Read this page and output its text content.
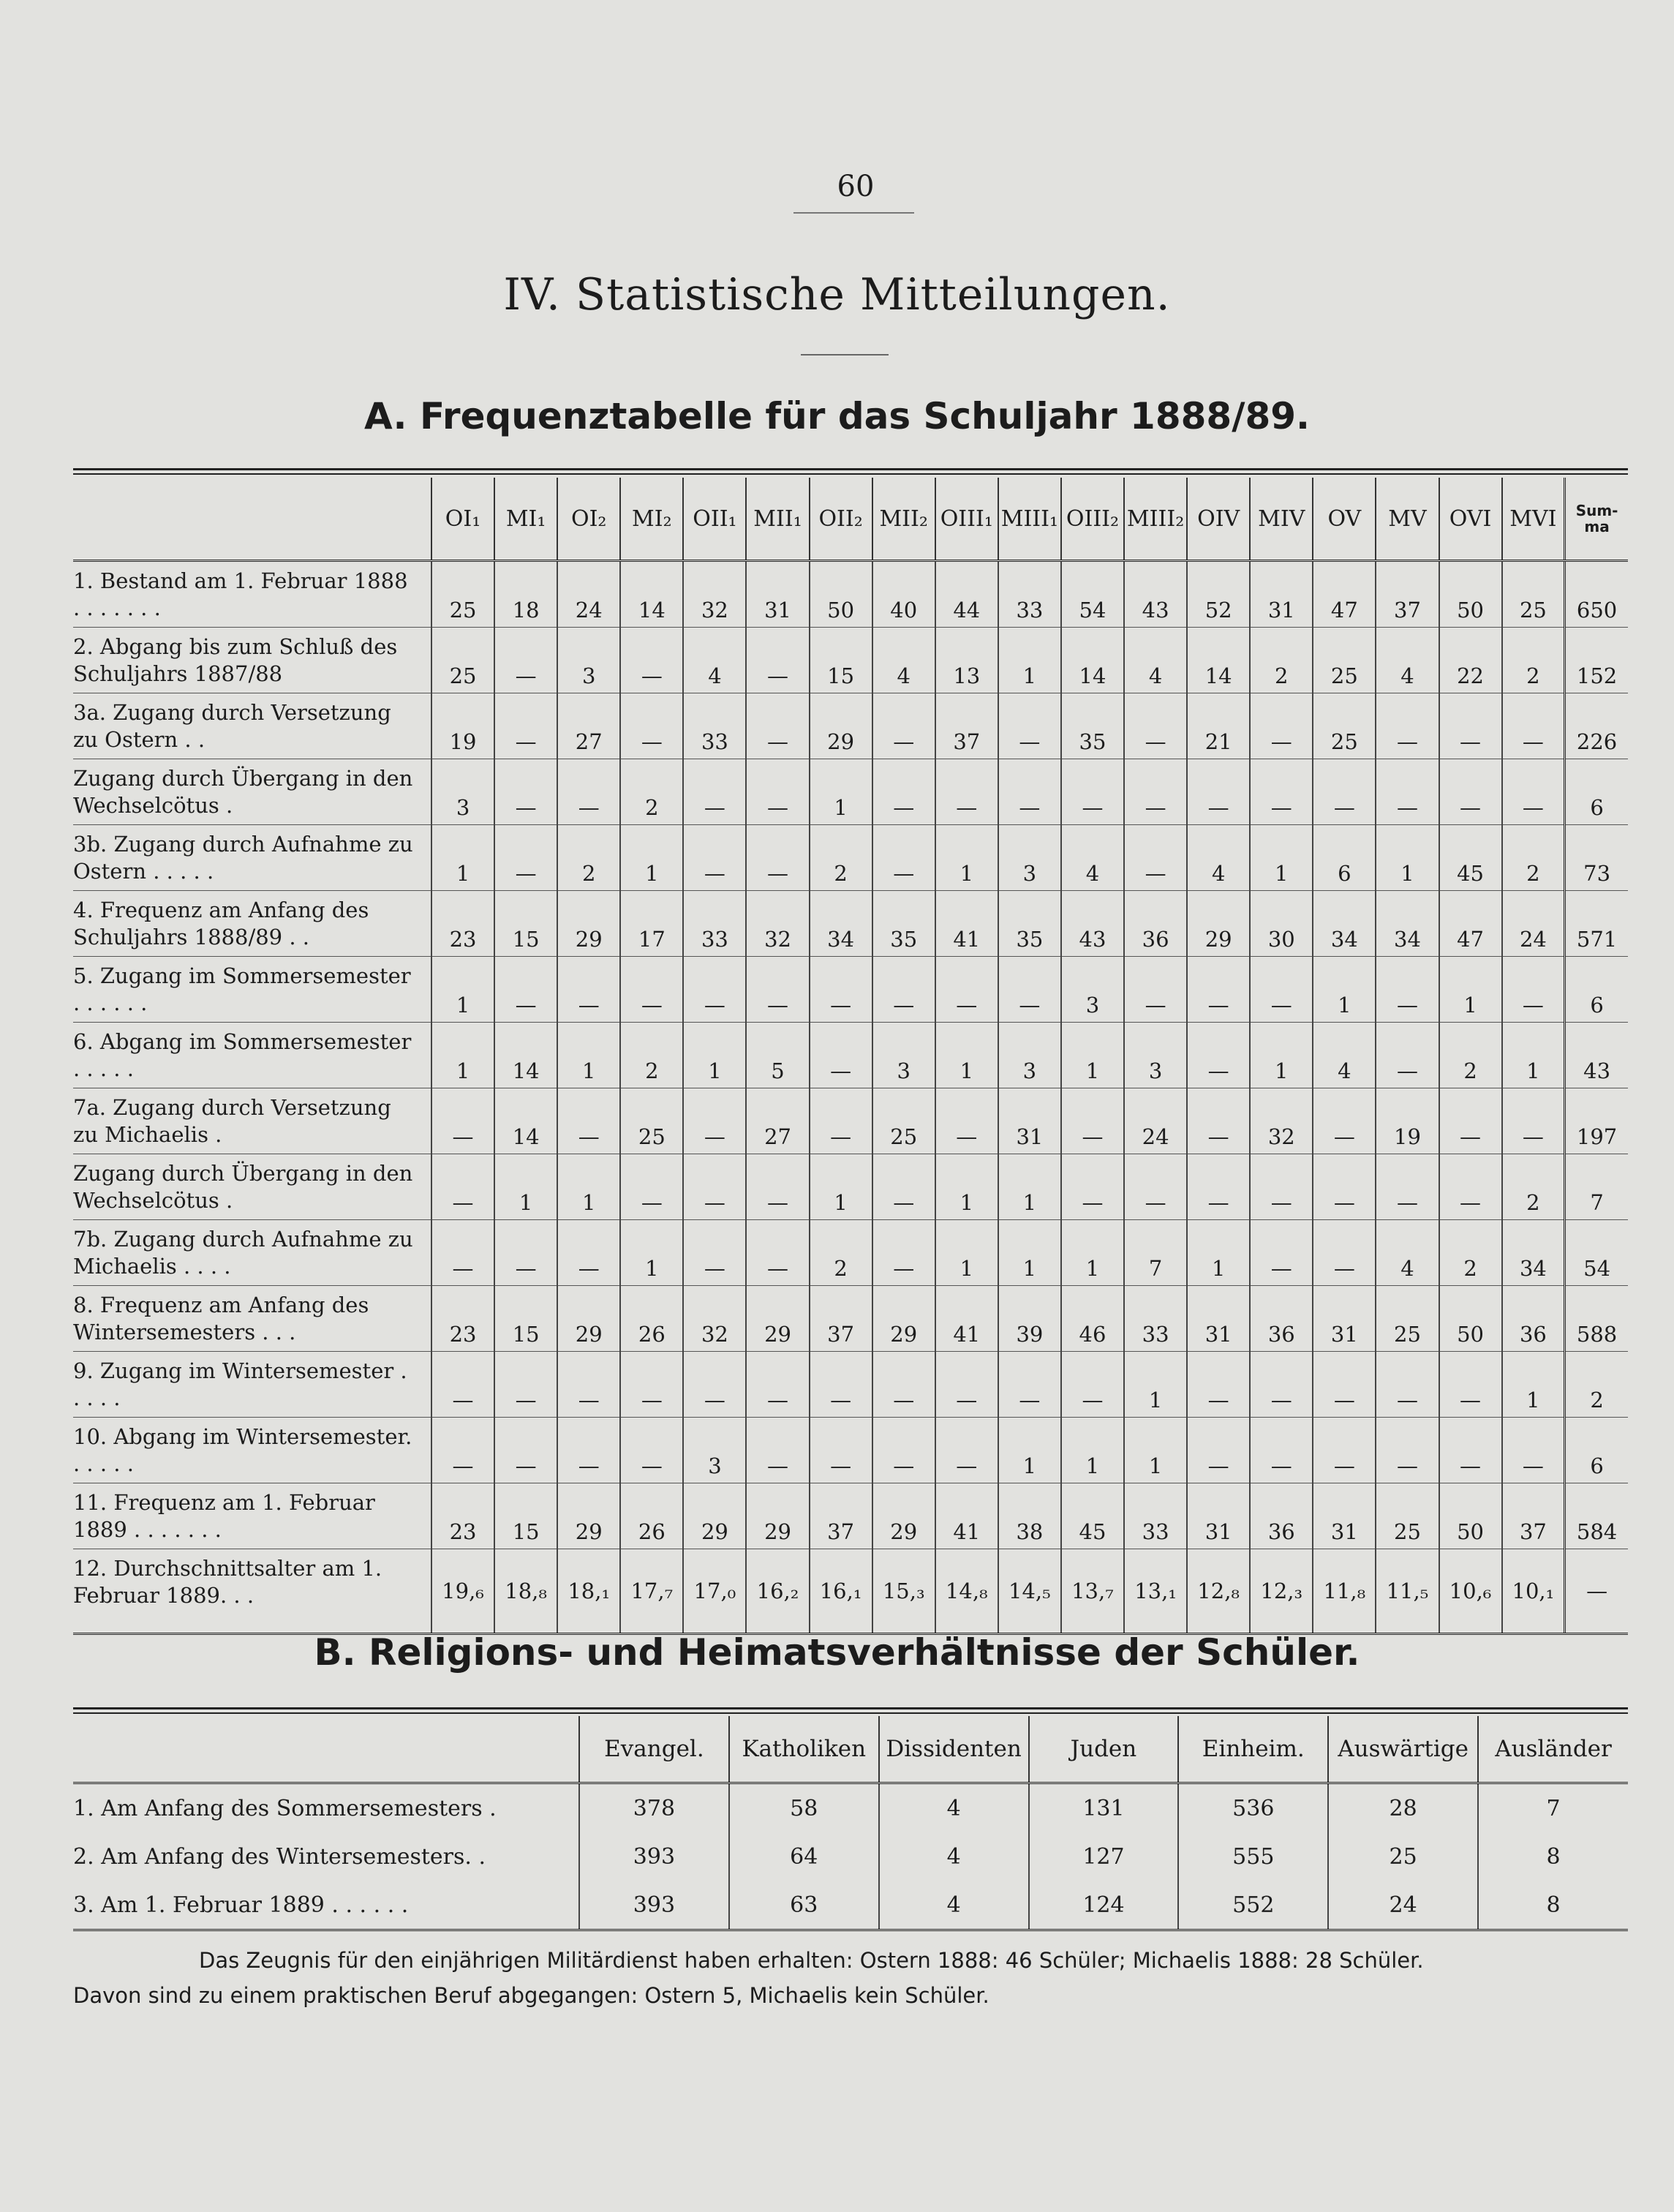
60
IV. Statistische Mitteilungen.
A. Frequenztabelle für das Schuljahr 1888/89.
	OI₁	MI₁	OI₂	MI₂	OII₁	MII₁	OII₂	MII₂	OIII₁	MIII₁	OIII₂	MIII₂	OIV	MIV	OV	MV	OVI	MVI	Sum-ma
1. Bestand am 1. Februar 1888 . . . . . . .	25	18	24	14	32	31	50	40	44	33	54	43	52	31	47	37	50	25	650
2. Abgang bis zum Schluß des Schuljahrs 1887/88	25	—	3	—	4	—	15	4	13	1	14	4	14	2	25	4	22	2	152
3a. Zugang durch Versetzung zu Ostern . .	19	—	27	—	33	—	29	—	37	—	35	—	21	—	25	—	—	—	226
Zugang durch Übergang in den Wechselcötus .	3	—	—	2	—	—	1	—	—	—	—	—	—	—	—	—	—	—	6
3b. Zugang durch Aufnahme zu Ostern . . . . .	1	—	2	1	—	—	2	—	1	3	4	—	4	1	6	1	45	2	73
4. Frequenz am Anfang des Schuljahrs 1888/89 . .	23	15	29	17	33	32	34	35	41	35	43	36	29	30	34	34	47	24	571
5. Zugang im Sommersemester . . . . . .	1	—	—	—	—	—	—	—	—	—	3	—	—	—	1	—	1	—	6
6. Abgang im Sommersemester . . . . .	1	14	1	2	1	5	—	3	1	3	1	3	—	1	4	—	2	1	43
7a. Zugang durch Versetzung zu Michaelis .	—	14	—	25	—	27	—	25	—	31	—	24	—	32	—	19	—	—	197
Zugang durch Übergang in den Wechselcötus .	—	1	1	—	—	—	1	—	1	1	—	—	—	—	—	—	—	2	7
7b. Zugang durch Aufnahme zu Michaelis . . . .	—	—	—	1	—	—	2	—	1	1	1	7	1	—	—	4	2	34	54
8. Frequenz am Anfang des Wintersemesters . . .	23	15	29	26	32	29	37	29	41	39	46	33	31	36	31	25	50	36	588
9. Zugang im Wintersemester . . . . .	—	—	—	—	—	—	—	—	—	—	—	1	—	—	—	—	—	1	2
10. Abgang im Wintersemester. . . . . .	—	—	—	—	3	—	—	—	—	1	1	1	—	—	—	—	—	—	6
11. Frequenz am 1. Februar 1889 . . . . . . .	23	15	29	26	29	29	37	29	41	38	45	33	31	36	31	25	50	37	584
12. Durchschnittsalter am 1. Februar 1889. . .	19,₆	18,₈	18,₁	17,₇	17,₀	16,₂	16,₁	15,₃	14,₈	14,₅	13,₇	13,₁	12,₈	12,₃	11,₈	11,₅	10,₆	10,₁	—
B. Religions- und Heimatsverhältnisse der Schüler.
	Evangel.	Katholiken	Dissidenten	Juden	Einheim.	Auswärtige	Ausländer
1. Am Anfang des Sommersemesters .	378	58	4	131	536	28	7
2. Am Anfang des Wintersemesters. .	393	64	4	127	555	25	8
3. Am 1. Februar 1889 . . . . . .	393	63	4	124	552	24	8
Das Zeugnis für den einjährigen Militärdienst haben erhalten: Ostern 1888: 46 Schüler; Michaelis 1888: 28 Schüler.
Davon sind zu einem praktischen Beruf abgegangen: Ostern 5, Michaelis kein Schüler.
